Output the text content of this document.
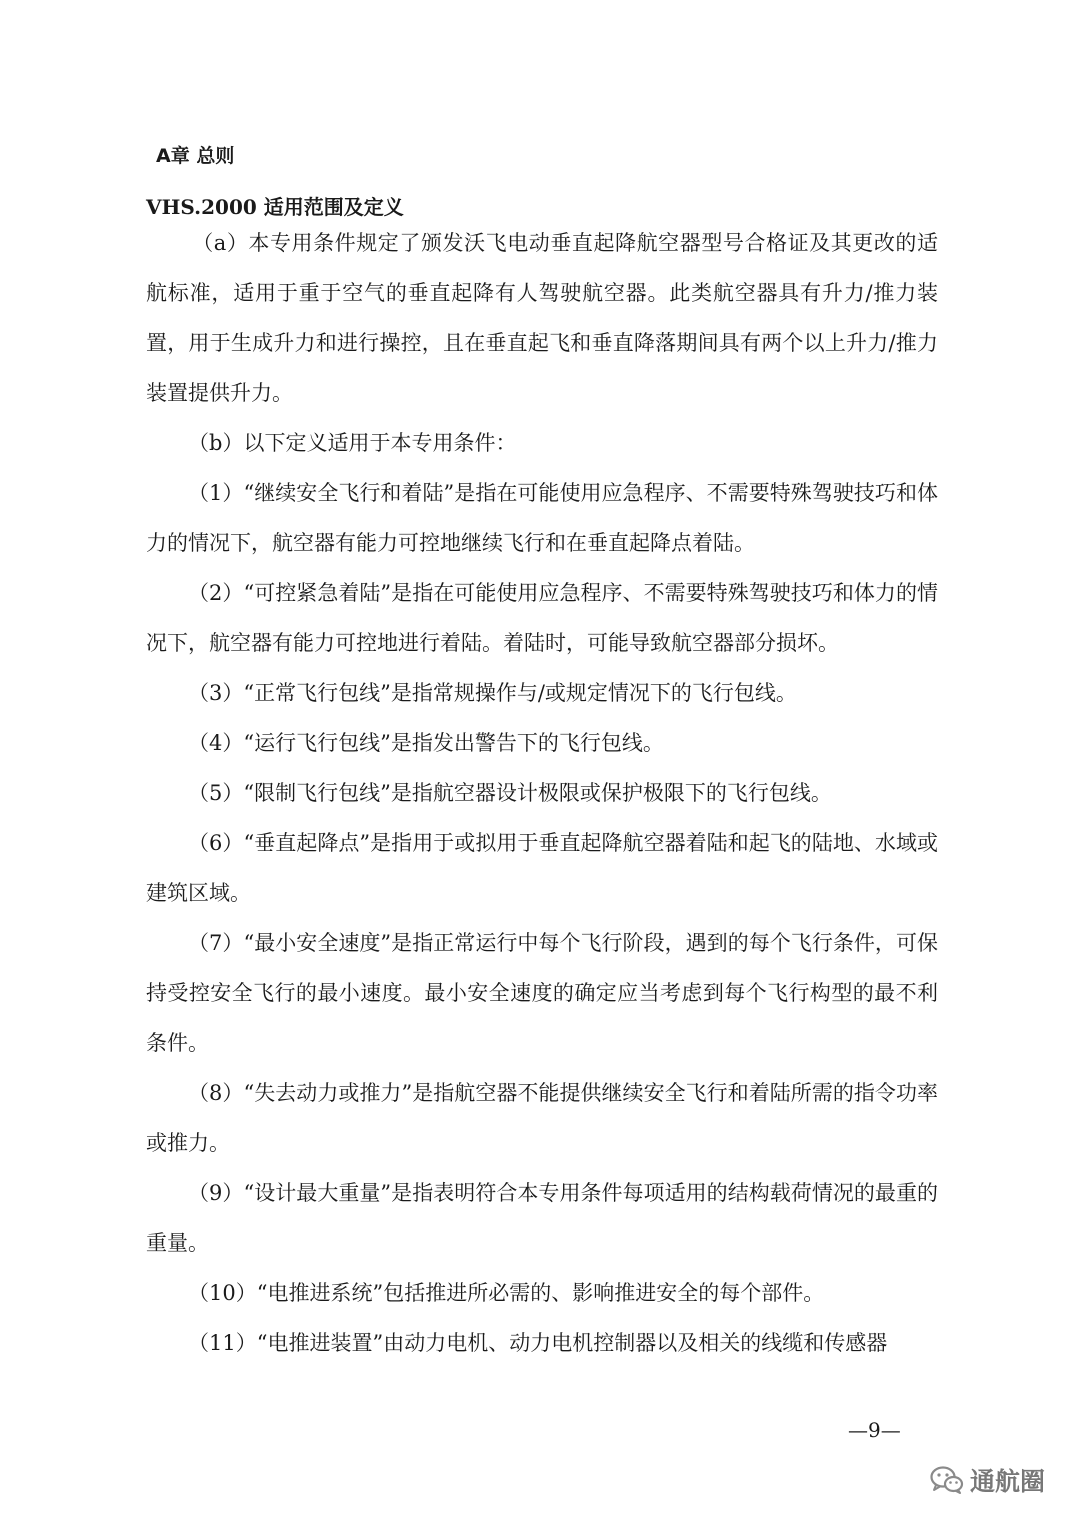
A章 总则
VHS.2000 适用范围及定义

（a）本专用条件规定了颁发沃飞电动垂直起降航空器型号合格证及其更改的适航标准，适用于重于空气的垂直起降有人驾驶航空器。此类航空器具有升力/推力装置，用于生成升力和进行操控，且在垂直起飞和垂直降落期间具有两个以上升力/推力装置提供升力。

（b）以下定义适用于本专用条件：

（1）“继续安全飞行和着陆”是指在可能使用应急程序、不需要特殊驾驶技巧和体力的情况下，航空器有能力可控地继续飞行和在垂直起降点着陆。

（2）“可控紧急着陆”是指在可能使用应急程序、不需要特殊驾驶技巧和体力的情况下，航空器有能力可控地进行着陆。着陆时，可能导致航空器部分损坏。

（3）“正常飞行包线”是指常规操作与/或规定情况下的飞行包线。

（4）“运行飞行包线”是指发出警告下的飞行包线。

（5）“限制飞行包线”是指航空器设计极限或保护极限下的飞行包线。

（6）“垂直起降点”是指用于或拟用于垂直起降航空器着陆和起飞的陆地、水域或建筑区域。

（7）“最小安全速度”是指正常运行中每个飞行阶段，遇到的每个飞行条件，可保持受控安全飞行的最小速度。最小安全速度的确定应当考虑到每个飞行构型的最不利条件。

（8）“失去动力或推力”是指航空器不能提供继续安全飞行和着陆所需的指令功率或推力。

（9）“设计最大重量”是指表明符合本专用条件每项适用的结构载荷情况的最重的重量。

（10）“电推进系统”包括推进所必需的、影响推进安全的每个部件。

（11）“电推进装置”由动力电机、动力电机控制器以及相关的线缆和传感器

—9—
通航圈
